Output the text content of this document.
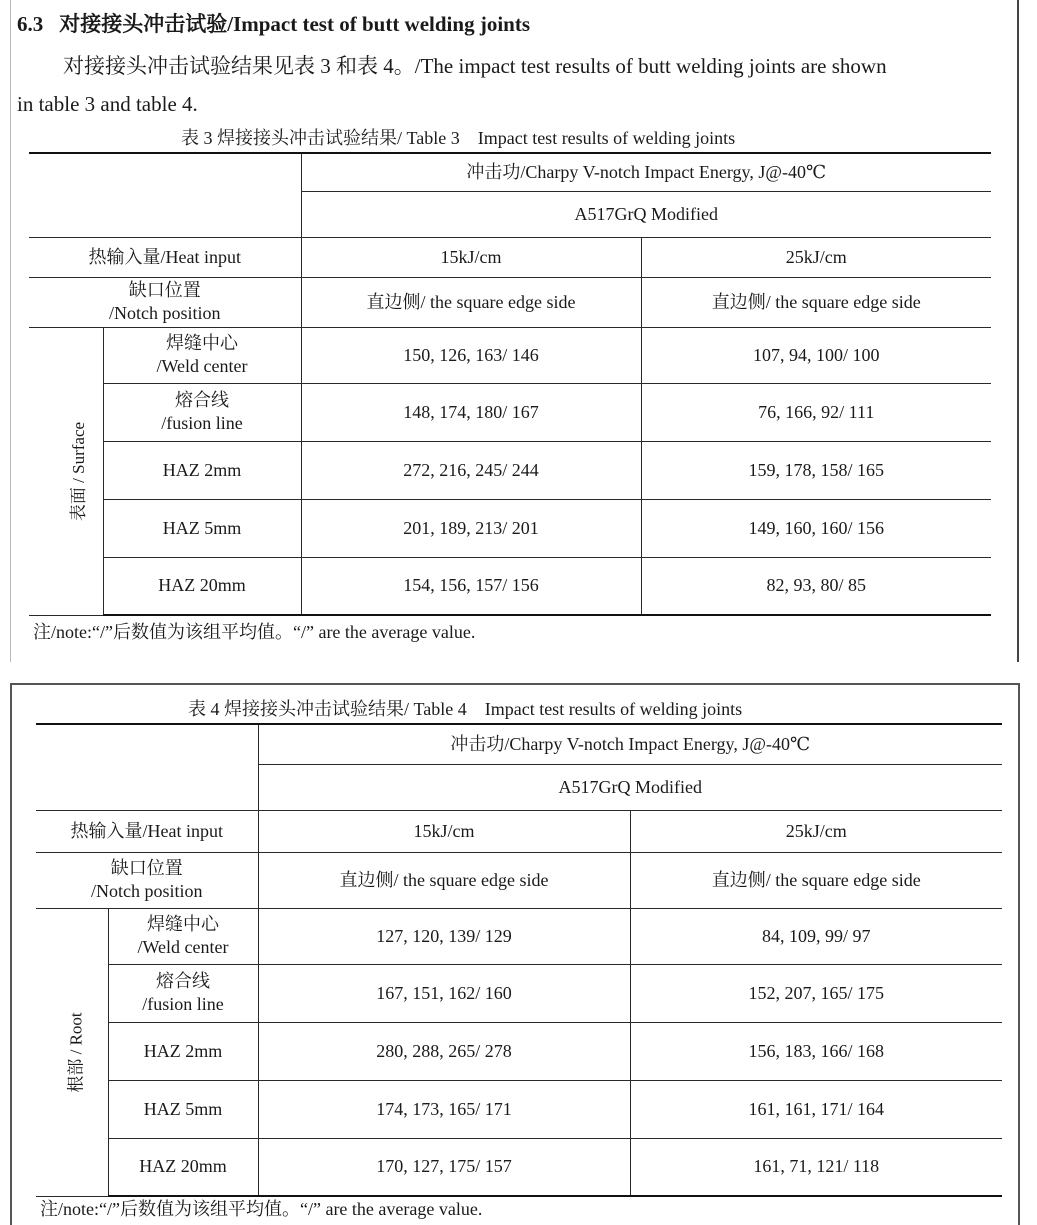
6.3 对接接头冲击试验/Impact test of butt welding joints
对接接头冲击试验结果见表 3 和表 4。/The impact test results of butt welding joints are shown
in table 3 and table 4.
表 3 焊接接头冲击试验结果/ Table 3 Impact test results of welding joints
		冲击功/Charpy V-notch Impact Energy, J@-40℃	
		A517GrQ Modified	
热输入量/Heat input		15kJ/cm	25kJ/cm

缺口位置
/Notch position		直边侧/ the square edge side	直边侧/ the square edge side
表面 / Surface	焊缝中心
/Weld center	150, 126, 163/ 146	107, 94, 100/ 100

	熔合线
/fusion line	148, 174, 180/ 167	76, 166, 92/ 111
	HAZ 2mm	272, 216, 245/ 244	159, 178, 158/ 165
	HAZ 5mm	201, 189, 213/ 201	149, 160, 160/ 156
	HAZ 20mm	154, 156, 157/ 156	82, 93, 80/ 85
注/note:“/”后数值为该组平均值。“/” are the average value.
表 4 焊接接头冲击试验结果/ Table 4 Impact test results of welding joints
		冲击功/Charpy V-notch Impact Energy, J@-40℃	
		A517GrQ Modified	
热输入量/Heat input		15kJ/cm	25kJ/cm

缺口位置
/Notch position		直边侧/ the square edge side	直边侧/ the square edge side
根部 / Root	焊缝中心
/Weld center	127, 120, 139/ 129	84, 109, 99/ 97

	熔合线
/fusion line	167, 151, 162/ 160	152, 207, 165/ 175
	HAZ 2mm	280, 288, 265/ 278	156, 183, 166/ 168
	HAZ 5mm	174, 173, 165/ 171	161, 161, 171/ 164
	HAZ 20mm	170, 127, 175/ 157	161, 71, 121/ 118
注/note:“/”后数值为该组平均值。“/” are the average value.
